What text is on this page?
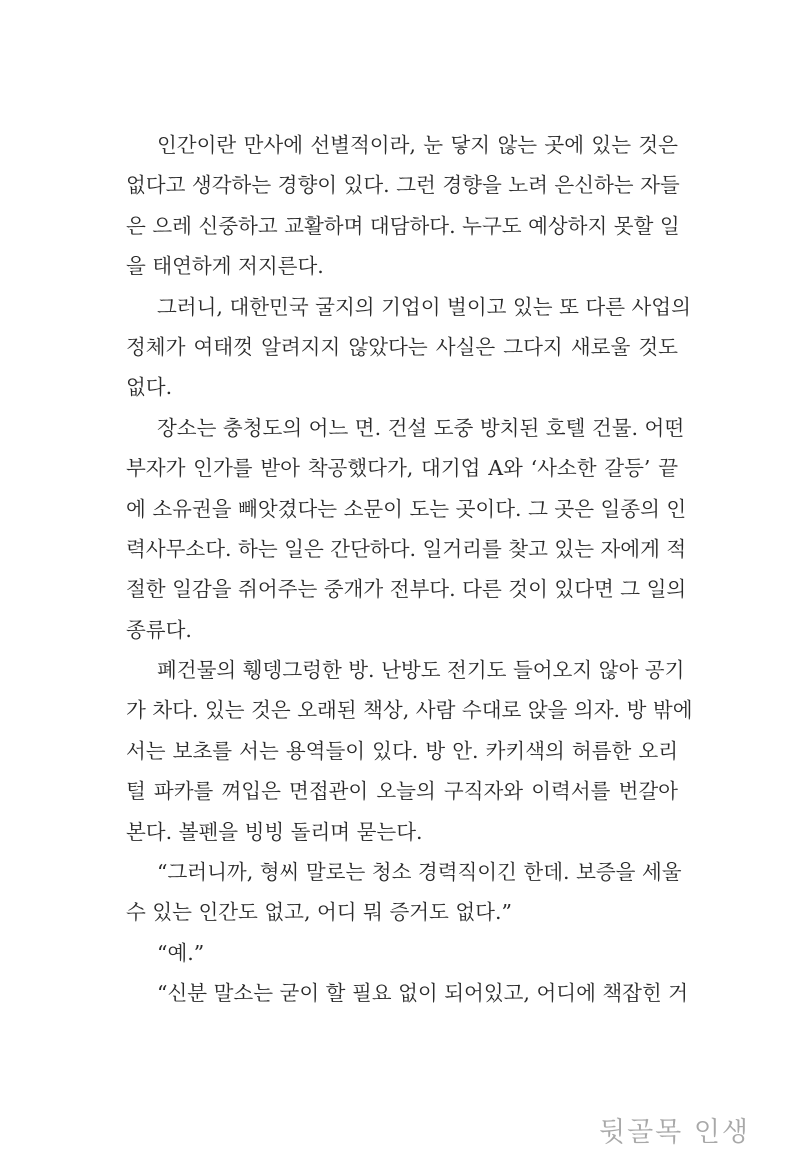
인간이란 만사에 선별적이라, 눈 닿지 않는 곳에 있는 것은
없다고 생각하는 경향이 있다. 그런 경향을 노려 은신하는 자들
은 으레 신중하고 교활하며 대담하다. 누구도 예상하지 못할 일
을 태연하게 저지른다.
그러니, 대한민국 굴지의 기업이 벌이고 있는 또 다른 사업의
정체가 여태껏 알려지지 않았다는 사실은 그다지 새로울 것도
없다.
장소는 충청도의 어느 면. 건설 도중 방치된 호텔 건물. 어떤
부자가 인가를 받아 착공했다가, 대기업 A와 ‘사소한 갈등’ 끝
에 소유권을 빼앗겼다는 소문이 도는 곳이다. 그 곳은 일종의 인
력사무소다. 하는 일은 간단하다. 일거리를 찾고 있는 자에게 적
절한 일감을 쥐어주는 중개가 전부다. 다른 것이 있다면 그 일의
종류다.
폐건물의 휑뎅그렁한 방. 난방도 전기도 들어오지 않아 공기
가 차다. 있는 것은 오래된 책상, 사람 수대로 앉을 의자. 방 밖에
서는 보초를 서는 용역들이 있다. 방 안. 카키색의 허름한 오리
털 파카를 껴입은 면접관이 오늘의 구직자와 이력서를 번갈아
본다. 볼펜을 빙빙 돌리며 묻는다.
“그러니까, 형씨 말로는 청소 경력직이긴 한데. 보증을 세울
수 있는 인간도 없고, 어디 뭐 증거도 없다.”
“예.”
“신분 말소는 굳이 할 필요 없이 되어있고, 어디에 책잡힌 거
뒷골목 인생
